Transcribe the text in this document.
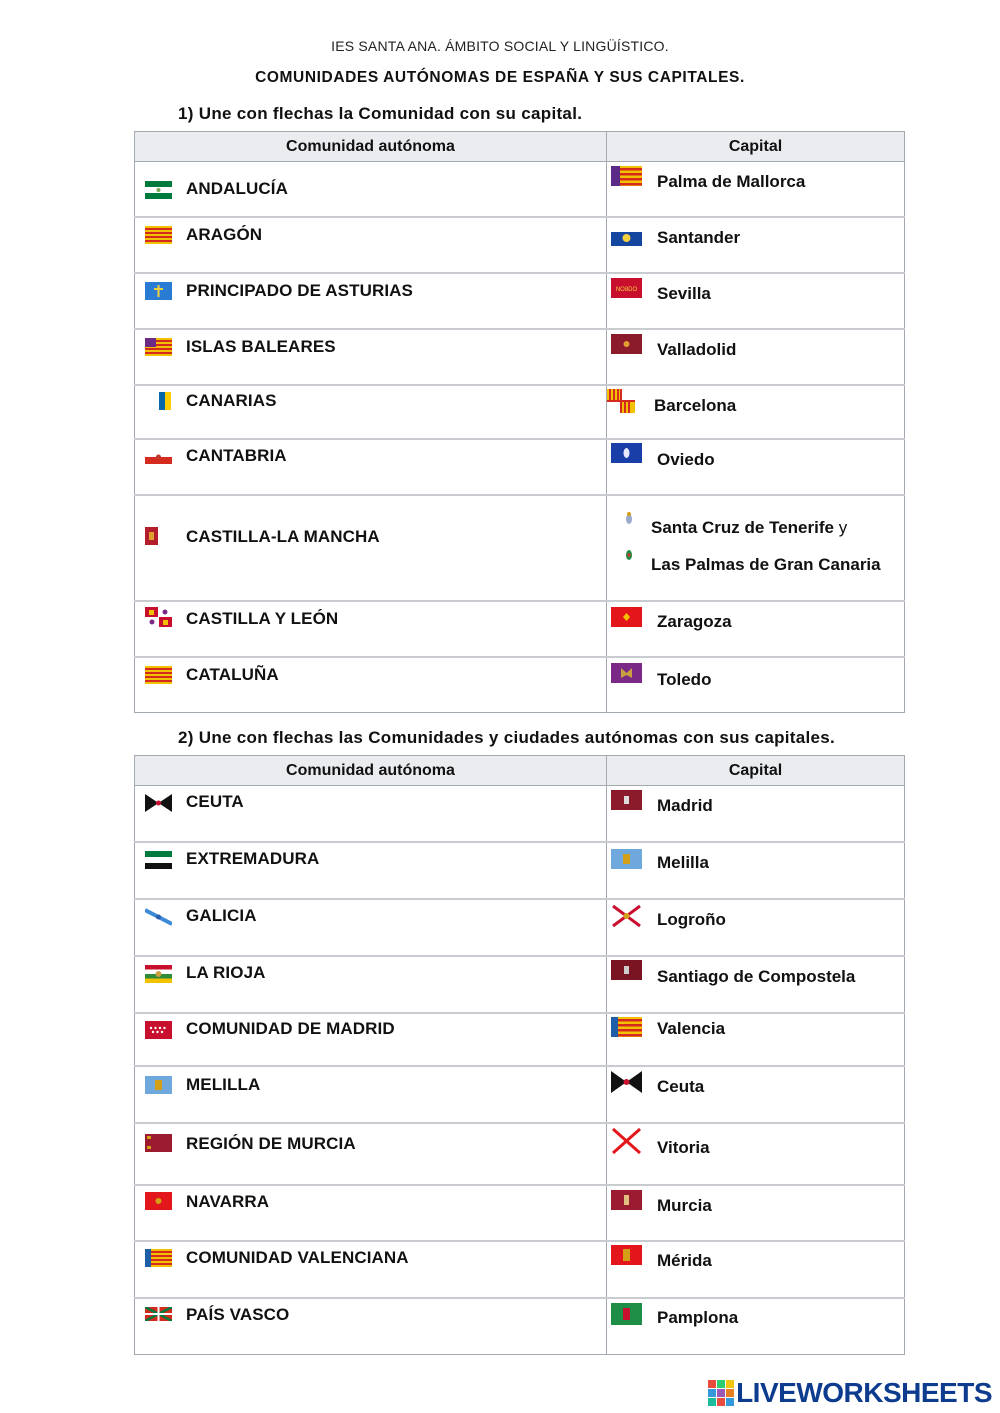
IES SANTA ANA. ÁMBITO SOCIAL Y LINGÜÍSTICO.
COMUNIDADES AUTÓNOMAS DE ESPAÑA Y SUS CAPITALES.
1) Une con flechas la Comunidad con su capital.
Comunidad autónoma	Capital

ANDALUCÍA	Palma de Mallorca

ARAGÓN	Santander

PRINCIPADO DE ASTURIAS	NO8DO Sevilla

ISLAS BALEARES	Valladolid

CANARIAS	Barcelona

CANTABRIA	Oviedo

CASTILLA-LA MANCHA	Santa Cruz de Tenerife y
Las Palmas de Gran Canaria

CASTILLA Y LEÓN	Zaragoza

CATALUÑA	Toledo
2) Une con flechas las Comunidades y ciudades autónomas con sus capitales.
Comunidad autónoma	Capital

CEUTA	Madrid

EXTREMADURA	Melilla

GALICIA	Logroño

LA RIOJA	Santiago de Compostela

COMUNIDAD DE MADRID	Valencia

MELILLA	Ceuta

REGIÓN DE MURCIA	Vitoria

NAVARRA	Murcia

COMUNIDAD VALENCIANA	Mérida

PAÍS VASCO	Pamplona
LIVEWORKSHEETS
